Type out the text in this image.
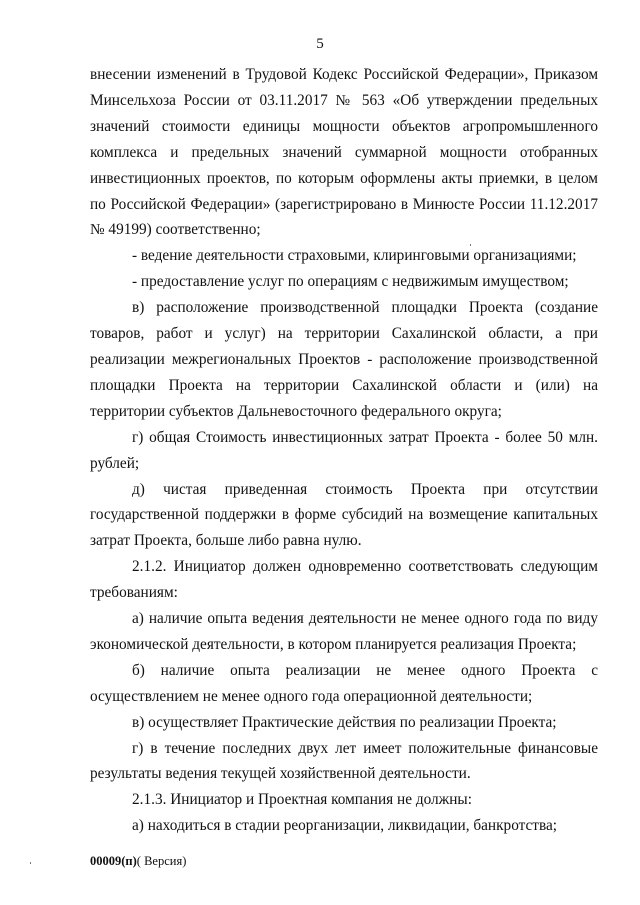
5

внесении изменений в Трудовой Кодекс Российской Федерации», Приказом Минсельхоза России от 03.11.2017 № 563 «Об утверждении предельных значений стоимости единицы мощности объектов агропромышленного комплекса и предельных значений суммарной мощности отобранных инвестиционных проектов, по которым оформлены акты приемки, в целом по Российской Федерации» (зарегистрировано в Минюсте России 11.12.2017 № 49199) соответственно;

- ведение деятельности страховыми, клиринговыми организациями;

- предоставление услуг по операциям с недвижимым имуществом;

в) расположение производственной площадки Проекта (создание товаров, работ и услуг) на территории Сахалинской области, а при реализации межрегиональных Проектов - расположение производственной площадки Проекта на территории Сахалинской области и (или) на территории субъектов Дальневосточного федерального округа;

г) общая Стоимость инвестиционных затрат Проекта - более 50 млн. рублей;

д) чистая приведенная стоимость Проекта при отсутствии государственной поддержки в форме субсидий на возмещение капитальных затрат Проекта, больше либо равна нулю.

2.1.2. Инициатор должен одновременно соответствовать следующим требованиям:

а) наличие опыта ведения деятельности не менее одного года по виду экономической деятельности, в котором планируется реализация Проекта;

б) наличие опыта реализации не менее одного Проекта с осуществлением не менее одного года операционной деятельности;

в) осуществляет Практические действия по реализации Проекта;

г) в течение последних двух лет имеет положительные финансовые результаты ведения текущей хозяйственной деятельности.

2.1.3. Инициатор и Проектная компания не должны:

а) находиться в стадии реорганизации, ликвидации, банкротства;

00009(п)( Версия)
